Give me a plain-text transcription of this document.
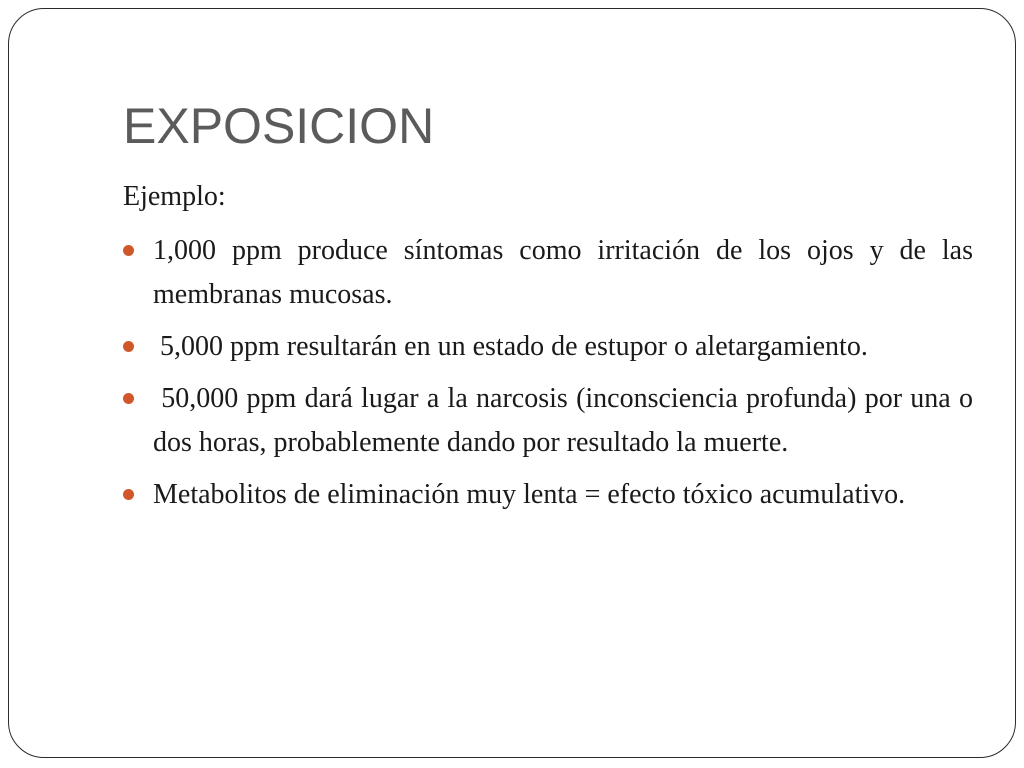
EXPOSICION

Ejemplo:

1,000 ppm produce síntomas como irritación de los ojos y de las membranas mucosas.
5,000 ppm resultarán en un estado de estupor o aletargamiento.
50,000 ppm dará lugar a la narcosis (inconsciencia profunda) por una o dos horas, probablemente dando por resultado la muerte.
Metabolitos de eliminación muy lenta = efecto tóxico acumulativo.
